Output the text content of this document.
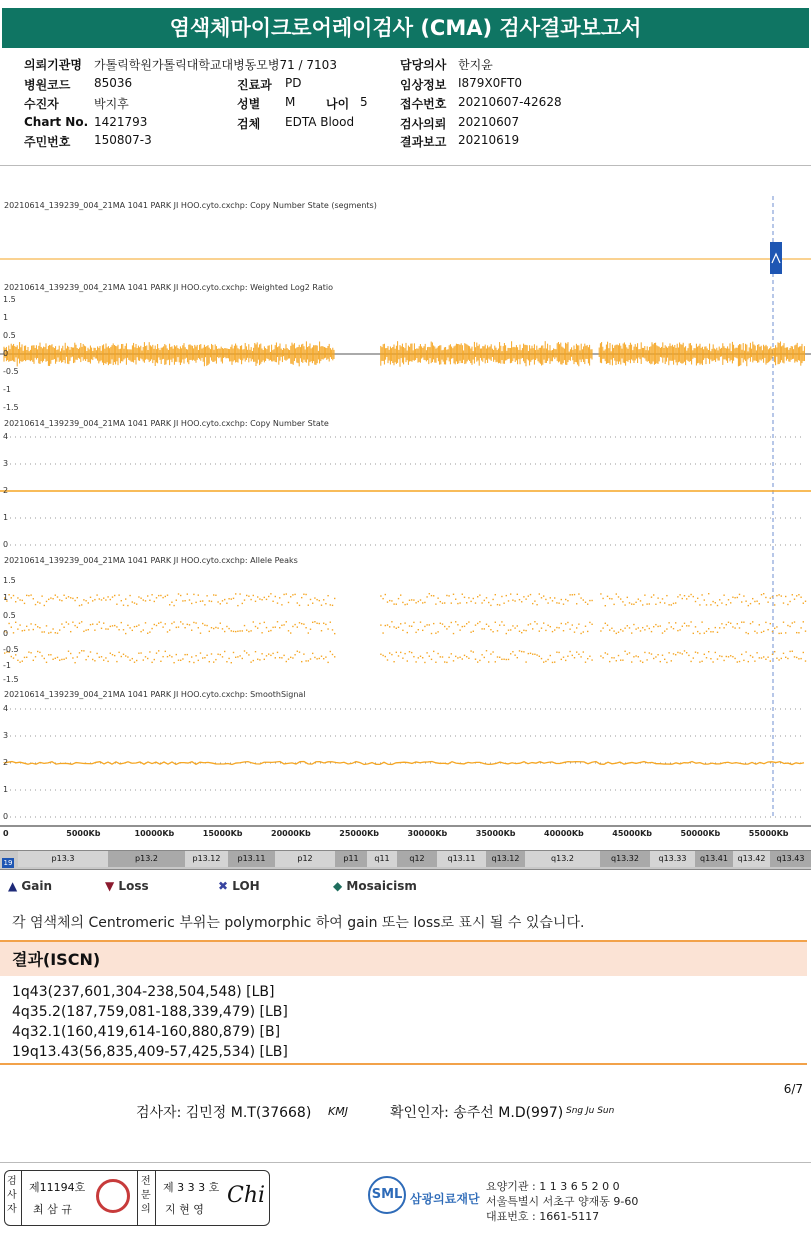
염색체마이크로어레이검사 (CMA) 검사결과보고서
의뢰기관명 가톨릭학원가톨릭대학교대병동모병71 / 7103
병원코드 85036
수진자	박지후
Chart No. 1421793
주민번호 150807-3
진료과 PD
성별 M	나이 5
검체 EDTA Blood
담당의사 한지윤
임상정보 I879X0FT0
접수번호 20210607-42628
검사의뢰 20210607
결과보고 20210619
20210614_139239_004_21MA 1041 PARK JI HOO.cyto.cxchp: Copy Number State (segments)
20210614_139239_004_21MA 1041 PARK JI HOO.cyto.cxchp: Weighted Log2 Ratio
20210614_139239_004_21MA 1041 PARK JI HOO.cyto.cxchp: Copy Number State
20210614_139239_004_21MA 1041 PARK JI HOO.cyto.cxchp: Allele Peaks
20210614_139239_004_21MA 1041 PARK JI HOO.cyto.cxchp: SmoothSignal
1.5
1
0.5
0
-0.5
-1
-1.5
4
3
2
1
0
1.5
1
0.5
0
-0.5
-1
-1.5
4
3
2
1
0
0	5000Kb	10000Kb	15000Kb	20000Kb	25000Kb	30000Kb	35000Kb	40000Kb	45000Kb	50000Kb	55000Kb
19	p13.3	p13.2	p13.12	p13.11	p12	p11	q11	q12	q13.11	q13.12	q13.2	q13.32	q13.33	q13.41	q13.42	q13.43
▲ Gain	▼ Loss	✖ LOH	◆ Mosaicism
각 염색체의 Centromeric 부위는 polymorphic 하여 gain 또는 loss로 표시 될 수 있습니다.
결과(ISCN)
1q43(237,601,304-238,504,548) [LB]
4q35.2(187,759,081-188,339,479) [LB]
4q32.1(160,419,614-160,880,879) [B]
19q13.43(56,835,409-57,425,534) [LB]
6/7
검사자: 김민정 M.T(37668) KMJ	확인인자: 송주선 M.D(997) Sng Ju Sun
검사자
제11194호
최 삼 규
전문의
제 3 3 3 호
지 현 영
Chi	SML 삼광의료재단
요양기관 : 1 1 3 6 5 2 0 0
서울특별시 서초구 양재동 9-60
대표번호 : 1661-5117
